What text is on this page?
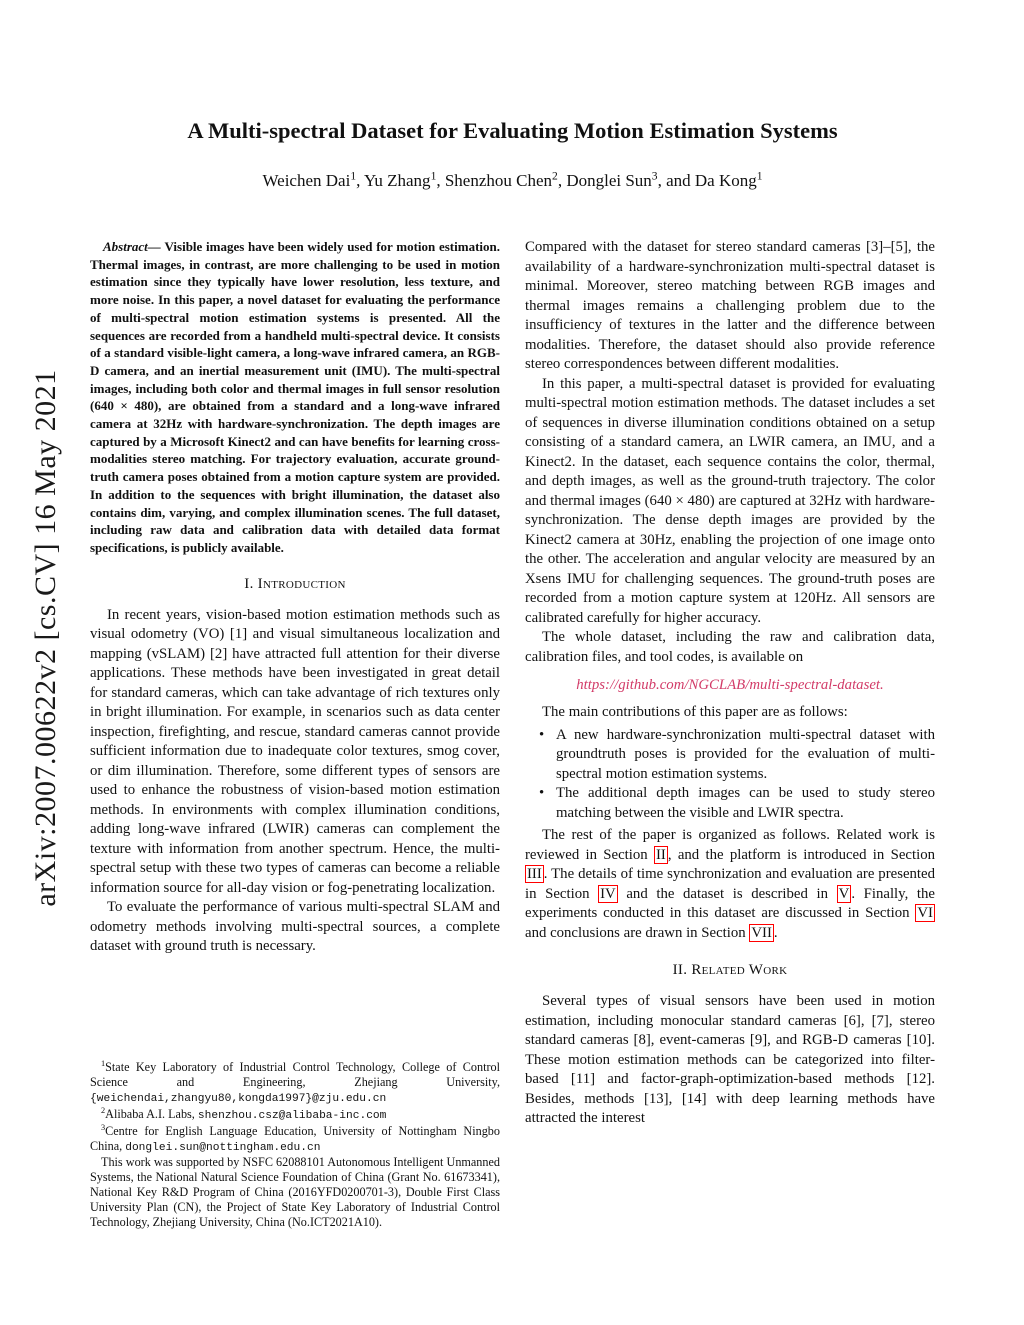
arXiv:2007.00622v2 [cs.CV] 16 May 2021
A Multi-spectral Dataset for Evaluating Motion Estimation Systems
Weichen Dai$^1$, Yu Zhang$^1$, Shenzhou Chen$^2$, Donglei Sun$^3$, and Da Kong$^1$

Abstract— Visible images have been widely used for motion estimation. Thermal images, in contrast, are more challenging to be used in motion estimation since they typically have lower resolution, less texture, and more noise. In this paper, a novel dataset for evaluating the performance of multi-spectral motion estimation systems is presented. All the sequences are recorded from a handheld multi-spectral device. It consists of a standard visible-light camera, a long-wave infrared camera, an RGB-D camera, and an inertial measurement unit (IMU). The multi-spectral images, including both color and thermal images in full sensor resolution (640 × 480), are obtained from a standard and a long-wave infrared camera at 32Hz with hardware-synchronization. The depth images are captured by a Microsoft Kinect2 and can have benefits for learning cross-modalities stereo matching. For trajectory evaluation, accurate ground-truth camera poses obtained from a motion capture system are provided. In addition to the sequences with bright illumination, the dataset also contains dim, varying, and complex illumination scenes. The full dataset, including raw data and calibration data with detailed data format specifications, is publicly available.

I. Introduction

In recent years, vision-based motion estimation methods such as visual odometry (VO) [1] and visual simultaneous localization and mapping (vSLAM) [2] have attracted full attention for their diverse applications. These methods have been investigated in great detail for standard cameras, which can take advantage of rich textures only in bright illumination. For example, in scenarios such as data center inspection, firefighting, and rescue, standard cameras cannot provide sufficient information due to inadequate color textures, smog cover, or dim illumination. Therefore, some different types of sensors are used to enhance the robustness of vision-based motion estimation methods. In environments with complex illumination conditions, adding long-wave infrared (LWIR) cameras can complement the texture with information from another spectrum. Hence, the multi-spectral setup with these two types of cameras can become a reliable information source for all-day vision or fog-penetrating localization.

To evaluate the performance of various multi-spectral SLAM and odometry methods involving multi-spectral sources, a complete dataset with ground truth is necessary.

$^1$State Key Laboratory of Industrial Control Technology, College of Control Science and Engineering, Zhejiang University, {weichendai,zhangyu80,kongda1997}@zju.edu.cn

$^2$Alibaba A.I. Labs, shenzhou.csz@alibaba-inc.com

$^3$Centre for English Language Education, University of Nottingham Ningbo China, donglei.sun@nottingham.edu.cn

This work was supported by NSFC 62088101 Autonomous Intelligent Unmanned Systems, the National Natural Science Foundation of China (Grant No. 61673341), National Key R&D Program of China (2016YFD0200701-3), Double First Class University Plan (CN), the Project of State Key Laboratory of Industrial Control Technology, Zhejiang University, China (No.ICT2021A10).

Compared with the dataset for stereo standard cameras [3]–[5], the availability of a hardware-synchronization multi-spectral dataset is minimal. Moreover, stereo matching between RGB images and thermal images remains a challenging problem due to the insufficiency of textures in the latter and the difference between modalities. Therefore, the dataset should also provide reference stereo correspondences between different modalities.

In this paper, a multi-spectral dataset is provided for evaluating multi-spectral motion estimation methods. The dataset includes a set of sequences in diverse illumination conditions obtained on a setup consisting of a standard camera, an LWIR camera, an IMU, and a Kinect2. In the dataset, each sequence contains the color, thermal, and depth images, as well as the ground-truth trajectory. The color and thermal images (640 × 480) are captured at 32Hz with hardware-synchronization. The dense depth images are provided by the Kinect2 camera at 30Hz, enabling the projection of one image onto the other. The acceleration and angular velocity are measured by an Xsens IMU for challenging sequences. The ground-truth poses are recorded from a motion capture system at 120Hz. All sensors are calibrated carefully for higher accuracy.

The whole dataset, including the raw and calibration data, calibration files, and tool codes, is available on

https://github.com/NGCLAB/multi-spectral-dataset.

The main contributions of this paper are as follows:

• A new hardware-synchronization multi-spectral dataset with groundtruth poses is provided for the evaluation of multi-spectral motion estimation systems.
• The additional depth images can be used to study stereo matching between the visible and LWIR spectra.

The rest of the paper is organized as follows. Related work is reviewed in Section II , and the platform is introduced in Section III . The details of time synchronization and evaluation are presented in Section IV and the dataset is described in V . Finally, the experiments conducted in this dataset are discussed in Section VI and conclusions are drawn in Section VII .

II. Related Work

Several types of visual sensors have been used in motion estimation, including monocular standard cameras [6], [7], stereo standard cameras [8], event-cameras [9], and RGB-D cameras [10]. These motion estimation methods can be categorized into filter-based [11] and factor-graph-optimization-based methods [12]. Besides, methods [13], [14] with deep learning methods have attracted the interest
